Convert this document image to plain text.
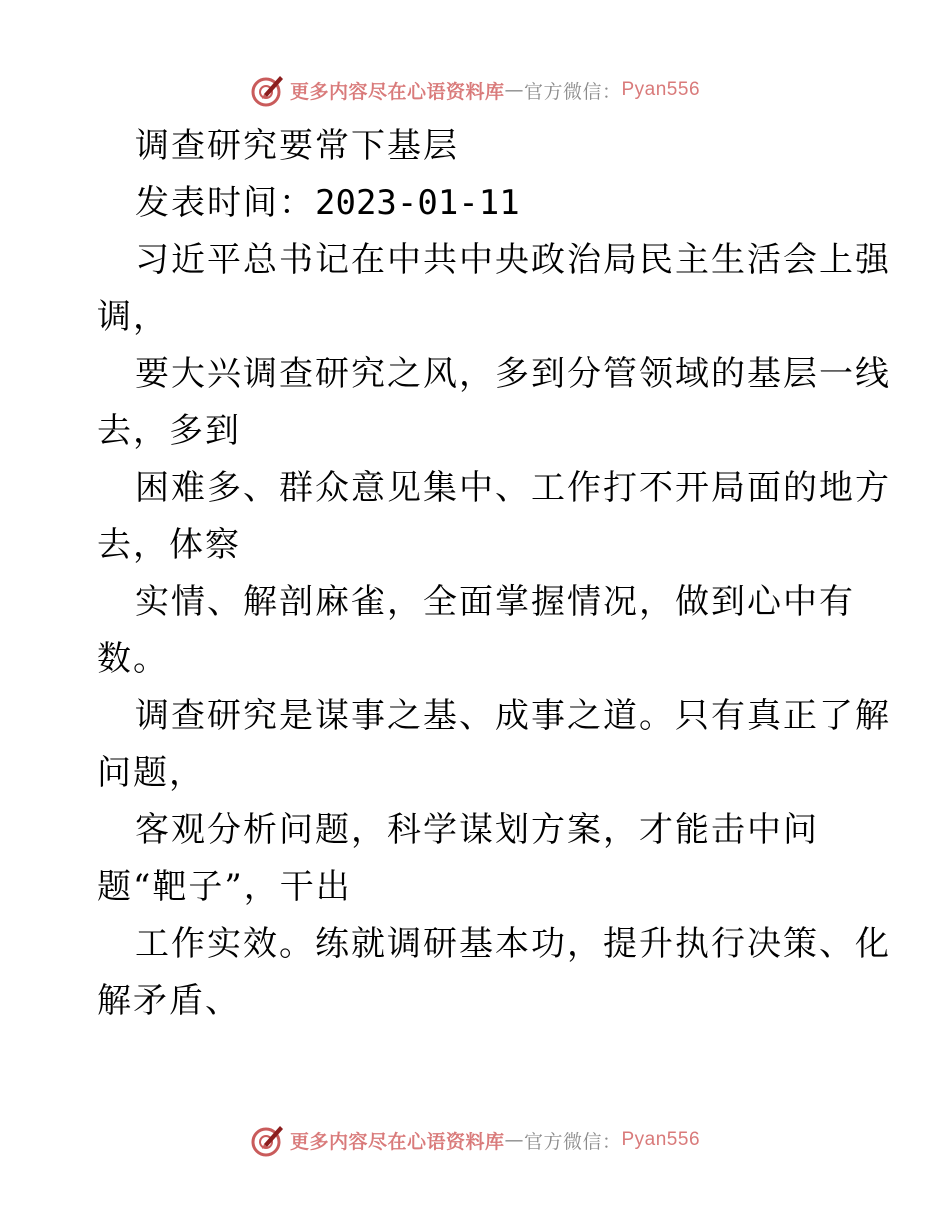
更多内容尽在心语资料库 — 官方微信： Pyan556
调查研究要常下基层
发表时间：2023-01-11
习近平总书记在中共中央政治局民主生活会上强
调，
要大兴调查研究之风，多到分管领域的基层一线
去，多到
困难多、群众意见集中、工作打不开局面的地方
去，体察
实情、解剖麻雀，全面掌握情况，做到心中有
数。
调查研究是谋事之基、成事之道。只有真正了解
问题，
客观分析问题，科学谋划方案，才能击中问
题“靶子”，干出
工作实效。练就调研基本功，提升执行决策、化
解矛盾、
更多内容尽在心语资料库 — 官方微信： Pyan556
